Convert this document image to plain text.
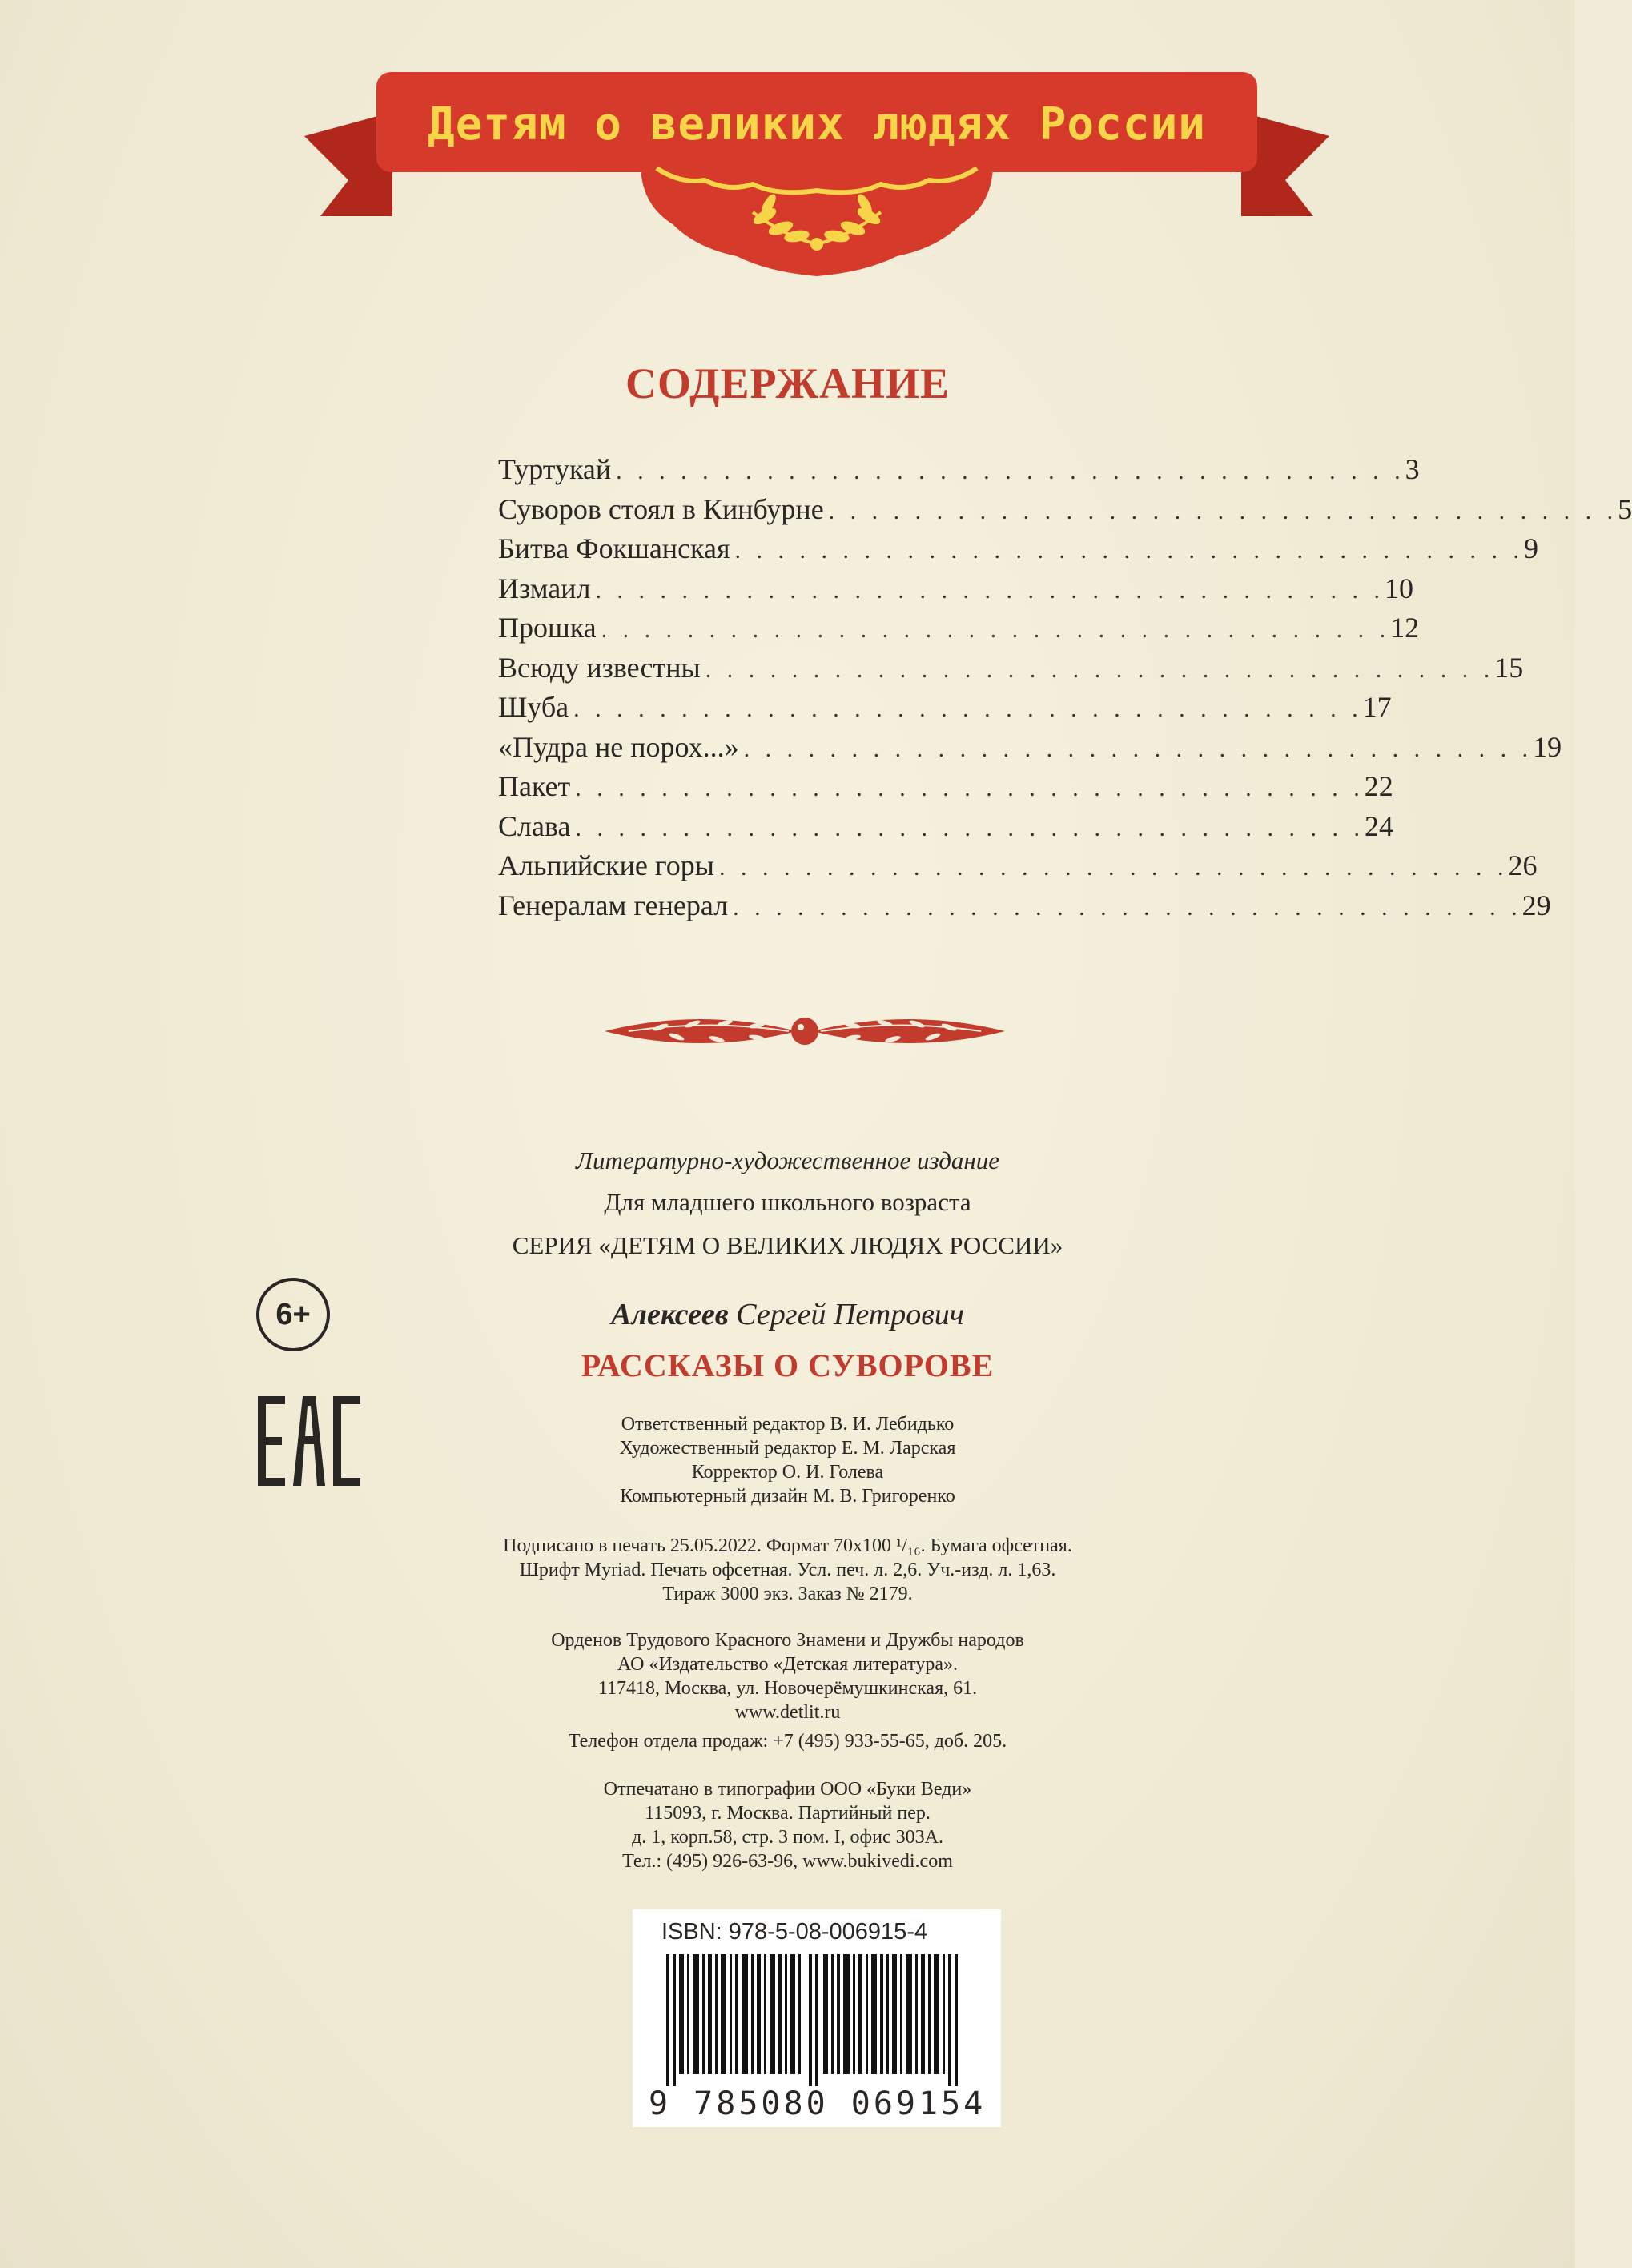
Детям о великих людях России
СОДЕРЖАНИЕ
Туртукай . . . . . . . . . . . . . . . . . . . . . . . . . . . . . . . . . . . . . 3
Суворов стоял в Кинбурне . . . . . . . . . . . . . . . . . . . . . . . . . . . . . . . . . . . . . 5
Битва Фокшанская . . . . . . . . . . . . . . . . . . . . . . . . . . . . . . . . . . . . . 9
Измаил . . . . . . . . . . . . . . . . . . . . . . . . . . . . . . . . . . . . . 10
Прошка . . . . . . . . . . . . . . . . . . . . . . . . . . . . . . . . . . . . . 12
Всюду известны . . . . . . . . . . . . . . . . . . . . . . . . . . . . . . . . . . . . . 15
Шуба . . . . . . . . . . . . . . . . . . . . . . . . . . . . . . . . . . . . . 17
«Пудра не порох...» . . . . . . . . . . . . . . . . . . . . . . . . . . . . . . . . . . . . . 19
Пакет . . . . . . . . . . . . . . . . . . . . . . . . . . . . . . . . . . . . . 22
Слава . . . . . . . . . . . . . . . . . . . . . . . . . . . . . . . . . . . . . 24
Альпийские горы . . . . . . . . . . . . . . . . . . . . . . . . . . . . . . . . . . . . . 26
Генералам генерал . . . . . . . . . . . . . . . . . . . . . . . . . . . . . . . . . . . . . 29
Литературно-художественное издание
Для младшего школьного возраста
СЕРИЯ «ДЕТЯМ О ВЕЛИКИХ ЛЮДЯХ РОССИИ»
Алексеев Сергей Петрович
РАССКАЗЫ О СУВОРОВЕ
Ответственный редактор В. И. Лебидько
Художественный редактор Е. М. Ларская
Корректор О. И. Голева
Компьютерный дизайн М. В. Григоренко
Подписано в печать 25.05.2022. Формат 70x100 ¹/₁₆. Бумага офсетная.
Шрифт Myriad. Печать офсетная. Усл. печ. л. 2,6. Уч.-изд. л. 1,63.
Тираж 3000 экз. Заказ № 2179.
Орденов Трудового Красного Знамени и Дружбы народов
АО «Издательство «Детская литература».
117418, Москва, ул. Новочерёмушкинская, 61.
www.detlit.ru
Телефон отдела продаж: +7 (495) 933-55-65, доб. 205.
Отпечатано в типографии ООО «Буки Веди»
115093, г. Москва. Партийный пер.
д. 1, корп.58, стр. 3 пом. I, офис 303А.
Тел.: (495) 926-63-96, www.bukivedi.com
6+
ISBN: 978-5-08-006915-4
9 785080 069154
